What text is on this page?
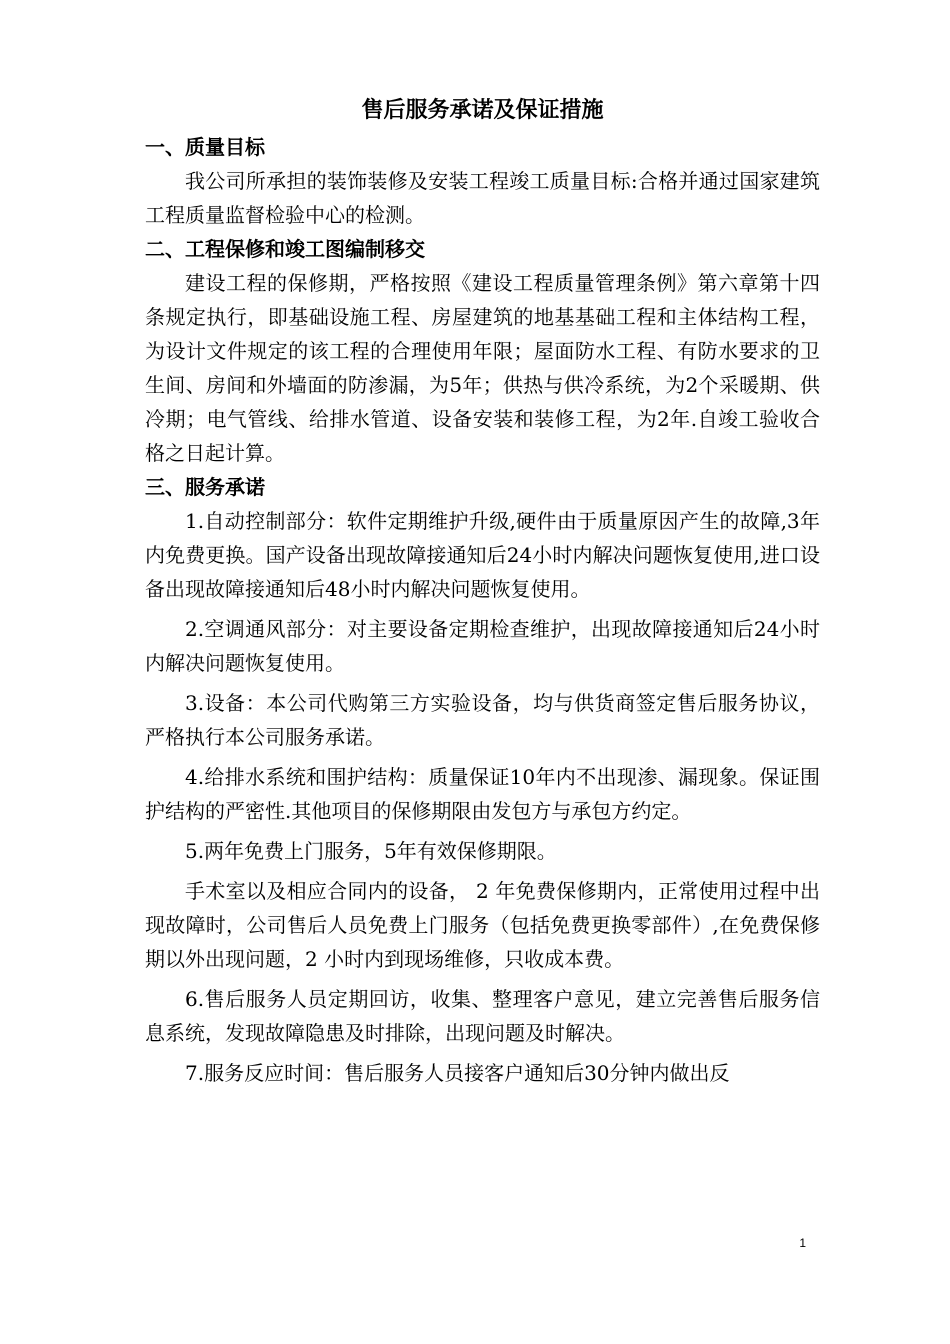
售后服务承诺及保证措施
一、质量目标

我公司所承担的装饰装修及安装工程竣工质量目标:合格并通过国家建筑工程质量监督检验中心的检测。

二、工程保修和竣工图编制移交

建设工程的保修期，严格按照《建设工程质量管理条例》第六章第十四条规定执行，即基础设施工程、房屋建筑的地基基础工程和主体结构工程，为设计文件规定的该工程的合理使用年限；屋面防水工程、有防水要求的卫生间、房间和外墙面的防渗漏，为5年；供热与供冷系统，为2个采暖期、供冷期；电气管线、给排水管道、设备安装和装修工程，为2年.自竣工验收合格之日起计算。

三、服务承诺

1.自动控制部分：软件定期维护升级,硬件由于质量原因产生的故障,3年内免费更换。国产设备出现故障接通知后24小时内解决问题恢复使用,进口设备出现故障接通知后48小时内解决问题恢复使用。

2.空调通风部分：对主要设备定期检查维护，出现故障接通知后24小时内解决问题恢复使用。

3.设备：本公司代购第三方实验设备，均与供货商签定售后服务协议，严格执行本公司服务承诺。

4.给排水系统和围护结构：质量保证10年内不出现渗、漏现象。保证围护结构的严密性.其他项目的保修期限由发包方与承包方约定。

5.两年免费上门服务，5年有效保修期限。

手术室以及相应合同内的设备， 2 年免费保修期内，正常使用过程中出现故障时，公司售后人员免费上门服务（包括免费更换零部件）,在免费保修期以外出现问题，2 小时内到现场维修，只收成本费。

6.售后服务人员定期回访，收集、整理客户意见，建立完善售后服务信息系统，发现故障隐患及时排除，出现问题及时解决。

7.服务反应时间：售后服务人员接客户通知后30分钟内做出反

1
